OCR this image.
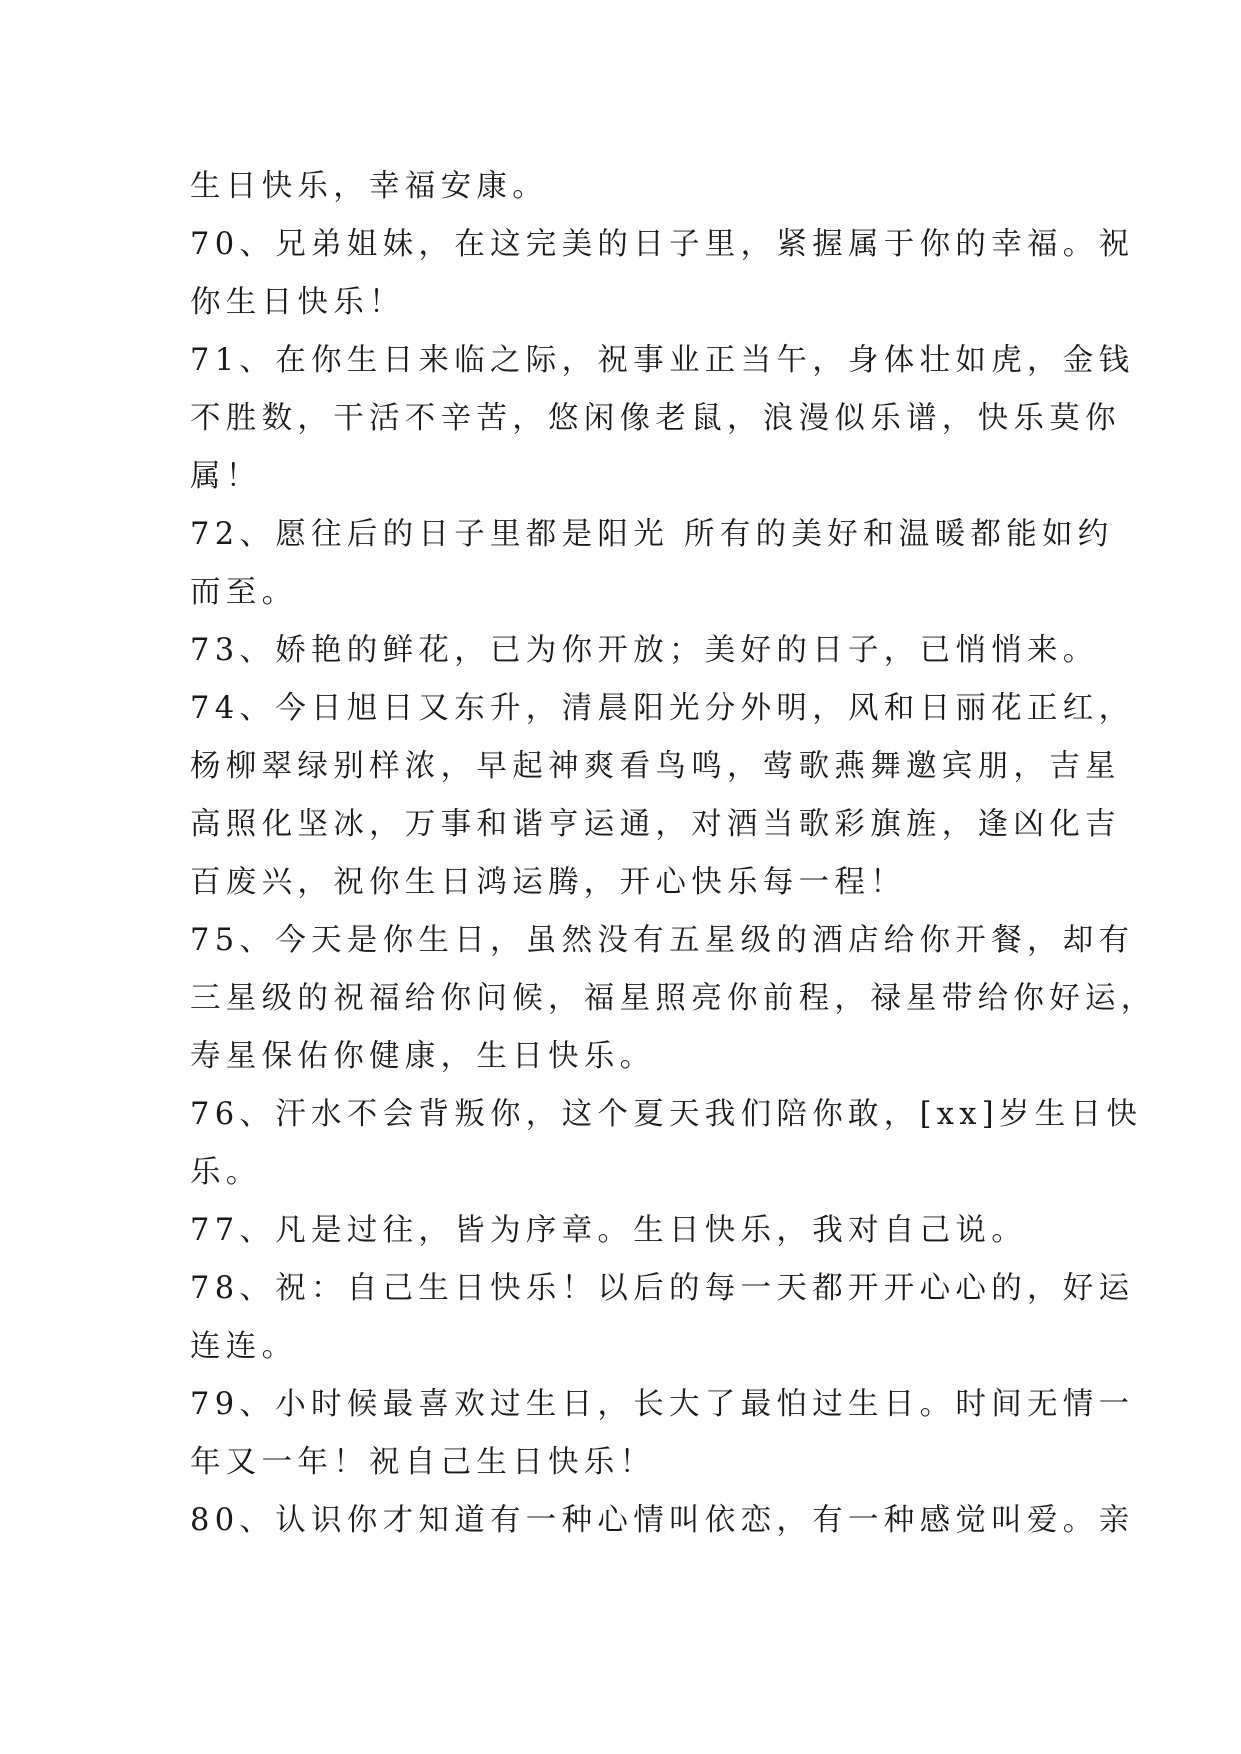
生日快乐，幸福安康。
70、兄弟姐妹，在这完美的日子里，紧握属于你的幸福。祝
你生日快乐！
71、在你生日来临之际，祝事业正当午，身体壮如虎，金钱
不胜数，干活不辛苦，悠闲像老鼠，浪漫似乐谱，快乐莫你
属！
72、愿往后的日子里都是阳光 所有的美好和温暖都能如约
而至。
73、娇艳的鲜花，已为你开放；美好的日子，已悄悄来。
74、今日旭日又东升，清晨阳光分外明，风和日丽花正红，
杨柳翠绿别样浓，早起神爽看鸟鸣，莺歌燕舞邀宾朋，吉星
高照化坚冰，万事和谐亨运通，对酒当歌彩旗旌，逢凶化吉
百废兴，祝你生日鸿运腾，开心快乐每一程！
75、今天是你生日，虽然没有五星级的酒店给你开餐，却有
三星级的祝福给你问候，福星照亮你前程，禄星带给你好运，
寿星保佑你健康，生日快乐。
76、汗水不会背叛你，这个夏天我们陪你敢，[xx]岁生日快
乐。
77、凡是过往，皆为序章。生日快乐，我对自己说。
78、祝：自己生日快乐！以后的每一天都开开心心的，好运
连连。
79、小时候最喜欢过生日，长大了最怕过生日。时间无情一
年又一年！祝自己生日快乐！
80、认识你才知道有一种心情叫依恋，有一种感觉叫爱。亲
